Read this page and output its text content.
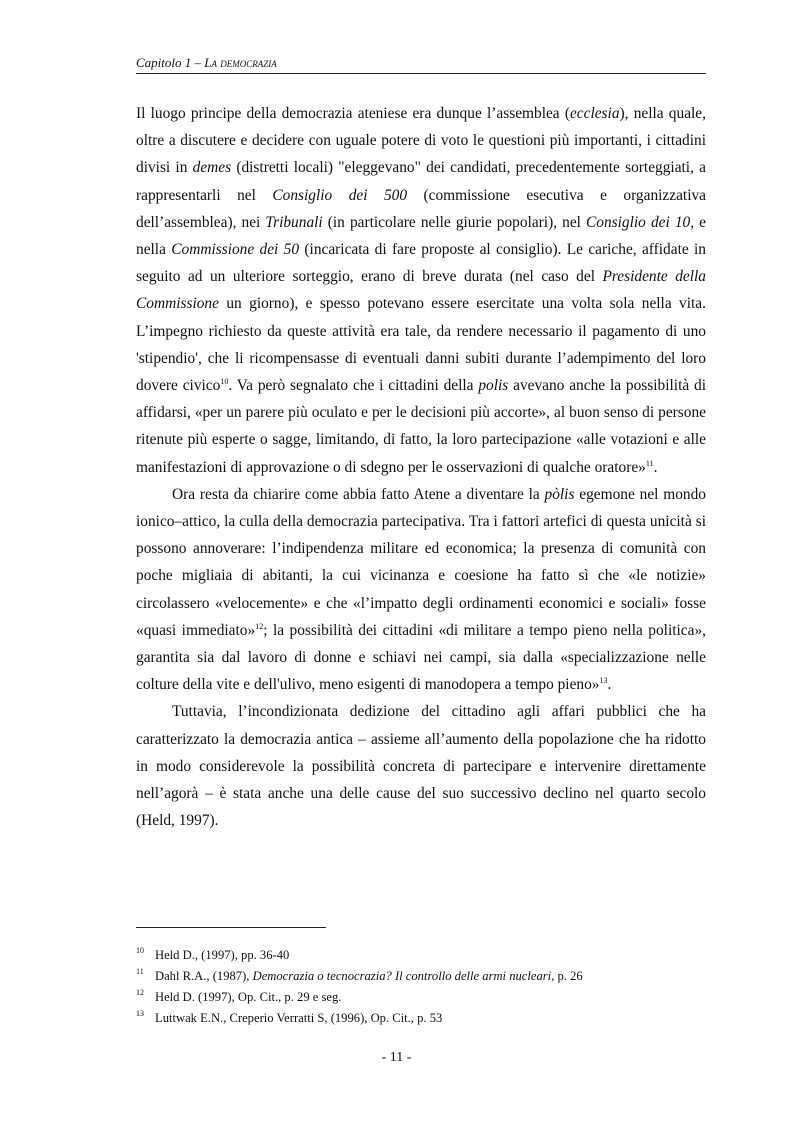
Capitolo 1 – La democrazia

Il luogo principe della democrazia ateniese era dunque l’assemblea (ecclesia), nella quale, oltre a discutere e decidere con uguale potere di voto le questioni più importanti, i cittadini divisi in demes (distretti locali) "eleggevano" dei candidati, precedentemente sorteggiati, a rappresentarli nel Consiglio dei 500 (commissione esecutiva e organizzativa dell’assemblea), nei Tribunali (in particolare nelle giurie popolari), nel Consiglio dei 10, e nella Commissione dei 50 (incaricata di fare proposte al consiglio). Le cariche, affidate in seguito ad un ulteriore sorteggio, erano di breve durata (nel caso del Presidente della Commissione un giorno), e spesso potevano essere esercitate una volta sola nella vita. L’impegno richiesto da queste attività era tale, da rendere necessario il pagamento di uno 'stipendio', che li ricompensasse di eventuali danni subiti durante l’adempimento del loro dovere civico$^{10}$. Va però segnalato che i cittadini della polis avevano anche la possibilità di affidarsi, «per un parere più oculato e per le decisioni più accorte», al buon senso di persone ritenute più esperte o sagge, limitando, di fatto, la loro partecipazione «alle votazioni e alle manifestazioni di approvazione o di sdegno per le osservazioni di qualche oratore»$^{11}$.

Ora resta da chiarire come abbia fatto Atene a diventare la pòlis egemone nel mondo ionico–attico, la culla della democrazia partecipativa. Tra i fattori artefici di questa unicità si possono annoverare: l’indipendenza militare ed economica; la presenza di comunità con poche migliaia di abitanti, la cui vicinanza e coesione ha fatto sì che «le notizie» circolassero «velocemente» e che «l’impatto degli ordinamenti economici e sociali» fosse «quasi immediato»$^{12}$; la possibilità dei cittadini «di militare a tempo pieno nella politica», garantita sia dal lavoro di donne e schiavi nei campi, sia dalla «specializzazione nelle colture della vite e dell'ulivo, meno esigenti di manodopera a tempo pieno»$^{13}$.

Tuttavia, l’incondizionata dedizione del cittadino agli affari pubblici che ha caratterizzato la democrazia antica – assieme all’aumento della popolazione che ha ridotto in modo considerevole la possibilità concreta di partecipare e intervenire direttamente nell’agorà – è stata anche una delle cause del suo successivo declino nel quarto secolo (Held, 1997).

10 Held D., (1997), pp. 36-40
11 Dahl R.A., (1987), Democrazia o tecnocrazia? Il controllo delle armi nucleari, p. 26
12 Held D. (1997), Op. Cit., p. 29 e seg.
13 Luttwak E.N., Creperio Verratti S, (1996), Op. Cit., p. 53
- 11 -
